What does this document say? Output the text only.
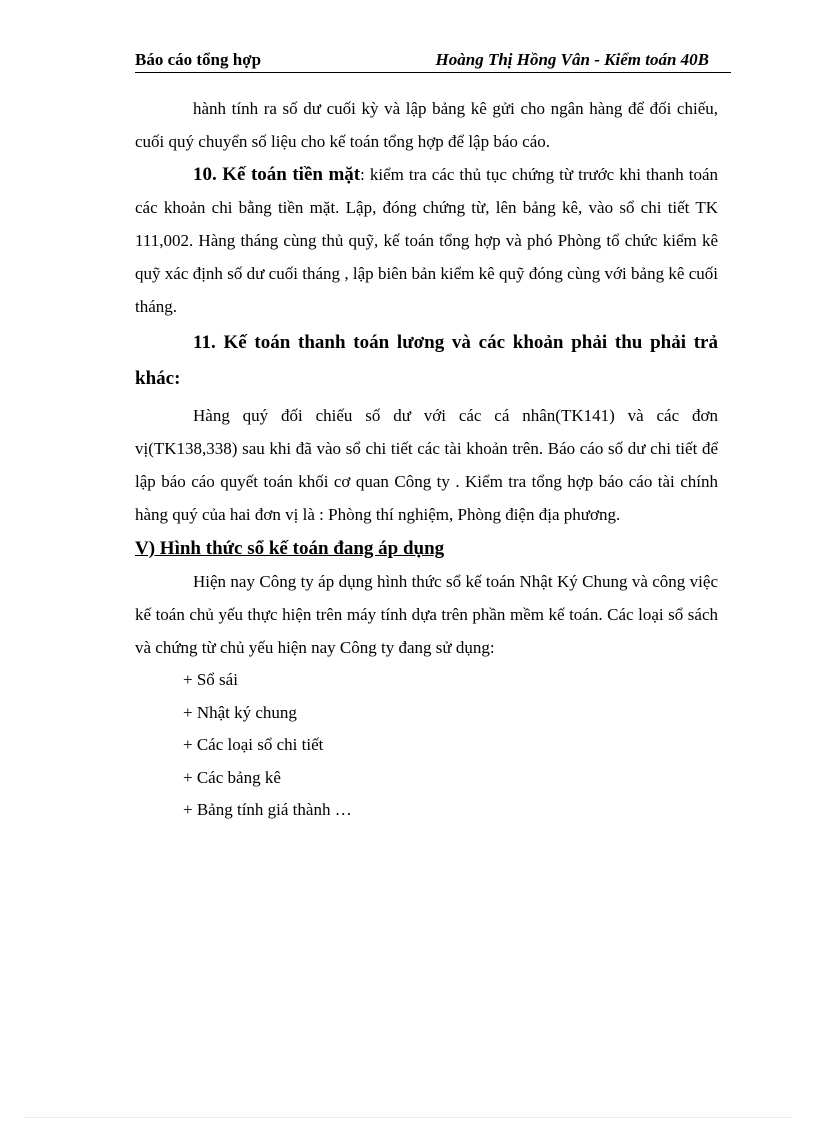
Báo cáo tổng hợp	Hoàng Thị Hồng Vân - Kiểm toán 40B

hành tính ra số dư cuối kỳ và lập bảng kê gửi cho ngân hàng để đối chiếu, cuối quý chuyển số liệu cho kế toán tổng hợp để lập báo cáo.

10. Kế toán tiền mặt: kiểm tra các thủ tục chứng từ trước khi thanh toán các khoản chi bằng tiền mặt. Lập, đóng chứng từ, lên bảng kê, vào sổ chi tiết TK 111,002. Hàng tháng cùng thủ quỹ, kế toán tổng hợp và phó Phòng tổ chức kiểm kê quỹ xác định số dư cuối tháng , lập biên bản kiểm kê quỹ đóng cùng với bảng kê cuối tháng.

11. Kế toán thanh toán lương và các khoản phải thu phải trả khác:

Hàng quý đối chiếu số dư với các cá nhân(TK141) và các đơn vị(TK138,338) sau khi đã vào sổ chi tiết các tài khoản trên. Báo cáo số dư chi tiết để lập báo cáo quyết toán khối cơ quan Công ty . Kiểm tra tổng hợp báo cáo tài chính hàng quý của hai đơn vị là : Phòng thí nghiệm, Phòng điện địa phương.

V) Hình thức sổ kế toán đang áp dụng

Hiện nay Công ty áp dụng hình thức sổ kế toán Nhật Ký Chung và công việc kế toán chủ yếu thực hiện trên máy tính dựa trên phần mềm kế toán. Các loại sổ sách và chứng từ chủ yếu hiện nay Công ty đang sử dụng:

+ Sổ sái
+ Nhật ký chung
+ Các loại sổ chi tiết
+ Các bảng kê
+ Bảng tính giá thành …
